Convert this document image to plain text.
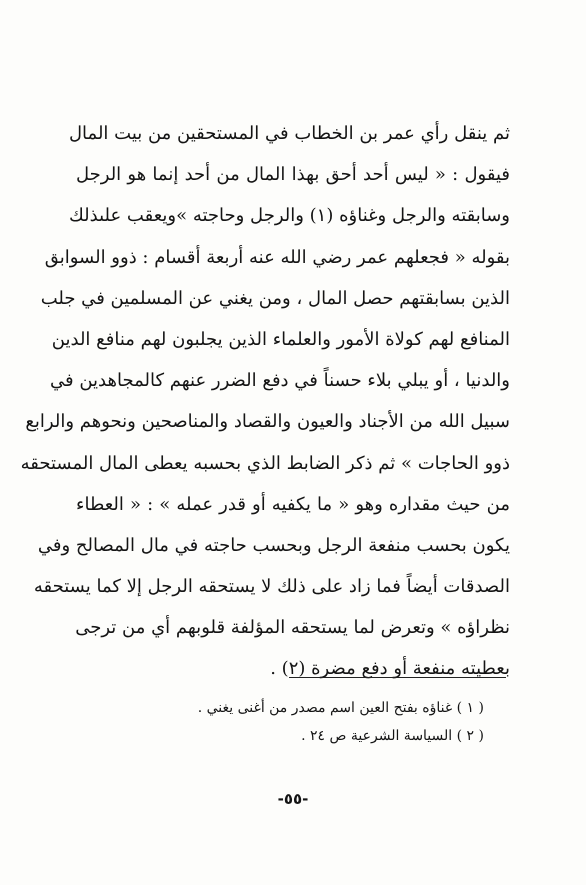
ثم ينقل رأي عمر بن الخطاب في المستحقين من بيت المال
فيقول : « ليس أحد أحق بهذا المال من أحد إنما هو الرجل
وسابقته والرجل وغناؤه (١) والرجل وحاجته »ويعقب علىذلك
بقوله « فجعلهم عمر رضي الله عنه أربعة أقسام : ذوو السوابق
الذين بسابقتهم حصل المال ، ومن يغني عن المسلمين في جلب
المنافع لهم كولاة الأمور والعلماء الذين يجلبون لهم منافع الدين
والدنيا ، أو يبلي بلاء حسناً في دفع الضرر عنهم كالمجاهدين في
سبيل الله من الأجناد والعيون والقصاد والمناصحين ونحوهم والرابع
ذوو الحاجات » ثم ذكر الضابط الذي بحسبه يعطى المال المستحقه
من حيث مقداره وهو « ما يكفيه أو قدر عمله » : « العطاء
يكون بحسب منفعة الرجل وبحسب حاجته في مال المصالح وفي
الصدقات أيضاً فما زاد على ذلك لا يستحقه الرجل إلا كما يستحقه
نظراؤه » وتعرض لما يستحقه المؤلفة قلوبهم أي من ترجى
بعطيته منفعة أو دفع مضرة (٢) .
( ١ ) غناؤه بفتح العين اسم مصدر من أغنى يغني .
( ٢ ) السياسة الشرعية ص ٢٤ .
-٥٥-
